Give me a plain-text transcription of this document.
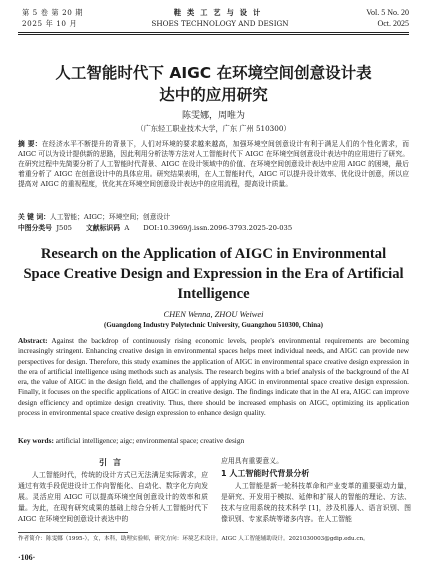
第 5 卷 第 20 期
2025 年 10 月
鞋类工艺与设计
SHOES TECHNOLOGY AND DESIGN
Vol. 5 No. 20
Oct. 2025
人工智能时代下 AIGC 在环境空间创意设计表
达中的应用研究
陈雯娜，周唯为
（广东轻工职业技术大学，广东 广州 510300）
摘 要：在经济水平不断提升的背景下，人们对环境的要求越来越高，加强环境空间创意设计有利于满足人们的个性化需求，而 AIGC 可以为设计提供新的思路，因此利用分析法等方法对人工智能时代下 AIGC 在环境空间创意设计表达中的应用进行了研究。在研究过程中先简要分析了人工智能时代背景、AIGC 在设计领域中的价值、在环境空间创意设计表达中应用 AIGC 的困境，最后着重分析了 AIGC 在创意设计中的具体应用。研究结果表明，在人工智能时代，AIGC 可以提升设计效率、优化设计创意，所以应提高对 AIGC 的重视程度，优化其在环境空间创意设计表达中的应用流程，提高设计质量。
关 键 词：人工智能；AIGC；环境空间；创意设计
中图分类号 J505 文献标识码 A DOI:10.3969/j.issn.2096-3793.2025-20-035
Research on the Application of AIGC in Environmental
Space Creative Design and Expression in the Era of Artificial
Intelligence
CHEN Wenna, ZHOU Weiwei
(Guangdong Industry Polytechnic University, Guangzhou 510300, China)
Abstract: Against the backdrop of continuously rising economic levels, people's environmental requirements are becoming increasingly stringent. Enhancing creative design in environmental spaces helps meet individual needs, and AIGC can provide new perspectives for design. Therefore, this study examines the application of AIGC in environmental space creative design expression in the era of artificial intelligence using methods such as analysis. The research begins with a brief analysis of the background of the AI era, the value of AIGC in the design field, and the challenges of applying AIGC in environmental space creative design expression. Finally, it focuses on the specific applications of AIGC in creative design. The findings indicate that in the AI era, AIGC can improve design efficiency and optimize design creativity. Thus, there should be increased emphasis on AIGC, optimizing its application process in environmental space creative design expression to enhance design quality.
Key words: artificial intelligence; aigc; environmental space; creative design
引言

人工智能时代，传统的设计方式已无法满足实际需求，应通过有效手段促进设计工作向智能化、自动化、数字化方向发展。灵活应用 AIGC 可以提高环境空间创意设计的效率和质量。为此，在现有研究成果的基础上综合分析人工智能时代下 AIGC 在环境空间创意设计表达中的

应用具有重要意义。

1 人工智能时代背景分析

人工智能是新一轮科技革命和产业变革的重要驱动力量，是研究、开发用于模拟、延伸和扩展人的智能的理论、方法、技术与应用系统的技术科学 [1]，涉及机器人、语言识别、图像识别、专家系统等诸多内容。在人工智能

作者简介：陈雯娜（1995-），女，本科，助理实验师，研究方向：环境艺术设计。AIGC 人工智能辅助设计。2021030003@gdip.edu.cn。
·106·
